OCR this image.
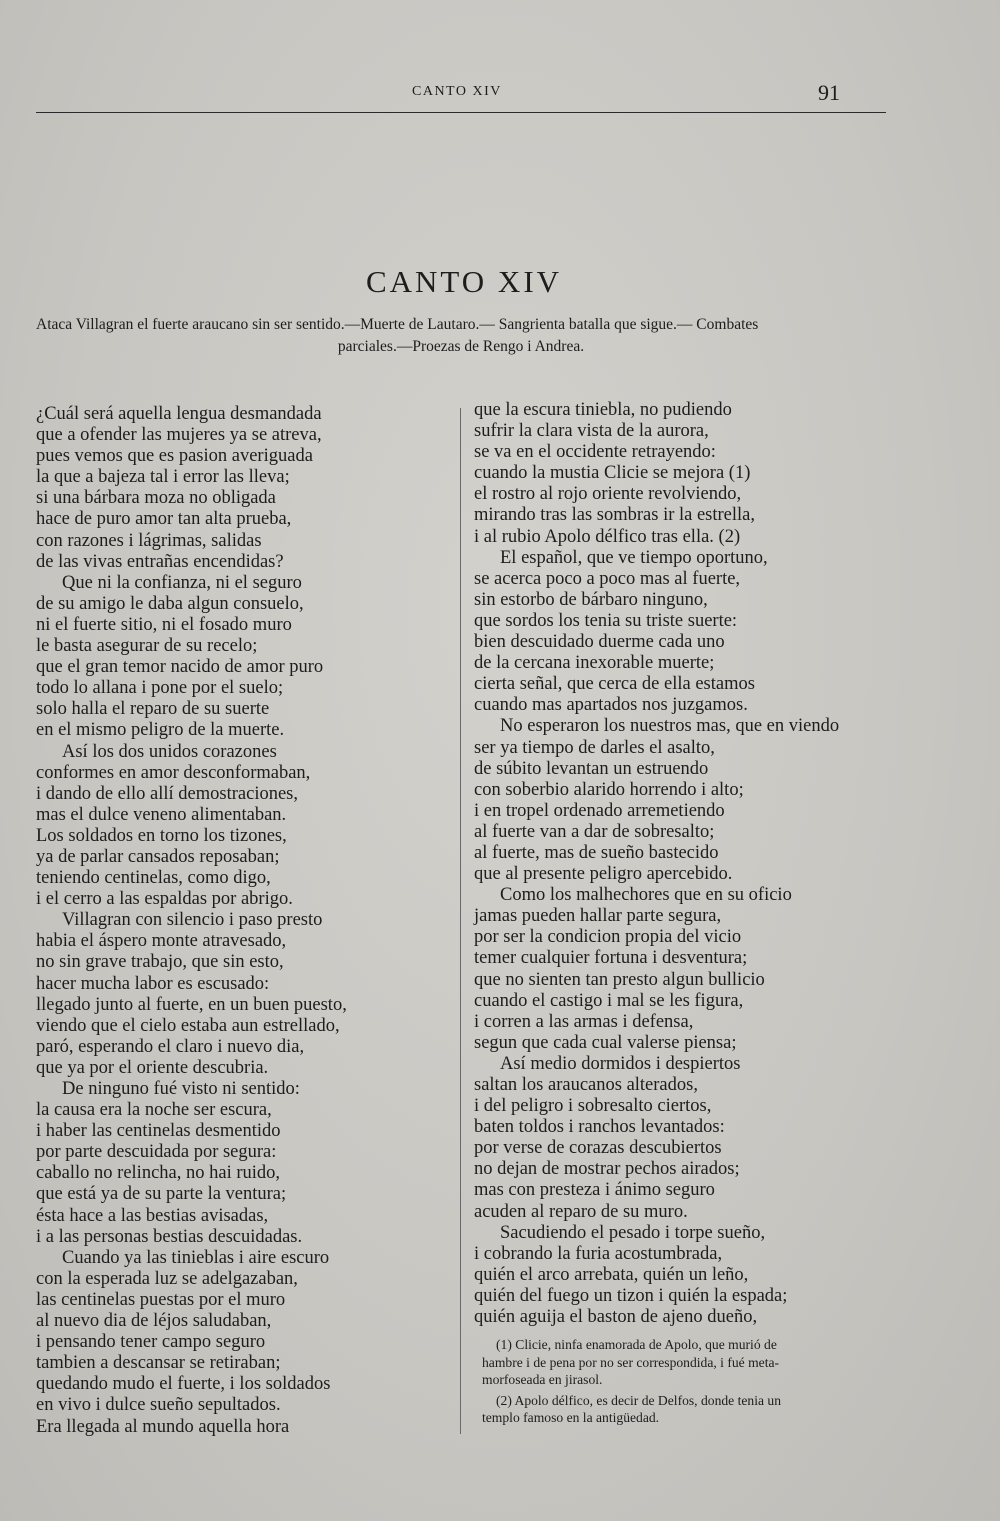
CANTO XIV	91
CANTO XIV
Ataca Villagran el fuerte araucano sin ser sentido.—Muerte de Lautaro.— Sangrienta batalla que sigue.— Combates
parciales.—Proezas de Rengo i Andrea.
¿Cuál será aquella lengua desmandada
que a ofender las mujeres ya se atreva,
pues vemos que es pasion averiguada
la que a bajeza tal i error las lleva;
si una bárbara moza no obligada
hace de puro amor tan alta prueba,
con razones i lágrimas, salidas
de las vivas entrañas encendidas?
Que ni la confianza, ni el seguro
de su amigo le daba algun consuelo,
ni el fuerte sitio, ni el fosado muro
le basta asegurar de su recelo;
que el gran temor nacido de amor puro
todo lo allana i pone por el suelo;
solo halla el reparo de su suerte
en el mismo peligro de la muerte.
Así los dos unidos corazones
conformes en amor desconformaban,
i dando de ello allí demostraciones,
mas el dulce veneno alimentaban.
Los soldados en torno los tizones,
ya de parlar cansados reposaban;
teniendo centinelas, como digo,
i el cerro a las espaldas por abrigo.
Villagran con silencio i paso presto
habia el áspero monte atravesado,
no sin grave trabajo, que sin esto,
hacer mucha labor es escusado:
llegado junto al fuerte, en un buen puesto,
viendo que el cielo estaba aun estrellado,
paró, esperando el claro i nuevo dia,
que ya por el oriente descubria.
De ninguno fué visto ni sentido:
la causa era la noche ser escura,
i haber las centinelas desmentido
por parte descuidada por segura:
caballo no relincha, no hai ruido,
que está ya de su parte la ventura;
ésta hace a las bestias avisadas,
i a las personas bestias descuidadas.
Cuando ya las tinieblas i aire escuro
con la esperada luz se adelgazaban,
las centinelas puestas por el muro
al nuevo dia de léjos saludaban,
i pensando tener campo seguro
tambien a descansar se retiraban;
quedando mudo el fuerte, i los soldados
en vivo i dulce sueño sepultados.
Era llegada al mundo aquella hora
que la escura tiniebla, no pudiendo
sufrir la clara vista de la aurora,
se va en el occidente retrayendo:
cuando la mustia Clicie se mejora (1)
el rostro al rojo oriente revolviendo,
mirando tras las sombras ir la estrella,
i al rubio Apolo délfico tras ella. (2)
El español, que ve tiempo oportuno,
se acerca poco a poco mas al fuerte,
sin estorbo de bárbaro ninguno,
que sordos los tenia su triste suerte:
bien descuidado duerme cada uno
de la cercana inexorable muerte;
cierta señal, que cerca de ella estamos
cuando mas apartados nos juzgamos.
No esperaron los nuestros mas, que en viendo
ser ya tiempo de darles el asalto,
de súbito levantan un estruendo
con soberbio alarido horrendo i alto;
i en tropel ordenado arremetiendo
al fuerte van a dar de sobresalto;
al fuerte, mas de sueño bastecido
que al presente peligro apercebido.
Como los malhechores que en su oficio
jamas pueden hallar parte segura,
por ser la condicion propia del vicio
temer cualquier fortuna i desventura;
que no sienten tan presto algun bullicio
cuando el castigo i mal se les figura,
i corren a las armas i defensa,
segun que cada cual valerse piensa;
Así medio dormidos i despiertos
saltan los araucanos alterados,
i del peligro i sobresalto ciertos,
baten toldos i ranchos levantados:
por verse de corazas descubiertos
no dejan de mostrar pechos airados;
mas con presteza i ánimo seguro
acuden al reparo de su muro.
Sacudiendo el pesado i torpe sueño,
i cobrando la furia acostumbrada,
quién el arco arrebata, quién un leño,
quién del fuego un tizon i quién la espada;
quién aguija el baston de ajeno dueño,
(1) Clicie, ninfa enamorada de Apolo, que murió de
hambre i de pena por no ser correspondida, i fué meta-
morfoseada en jirasol.
(2) Apolo délfico, es decir de Delfos, donde tenia un
templo famoso en la antigüedad.
